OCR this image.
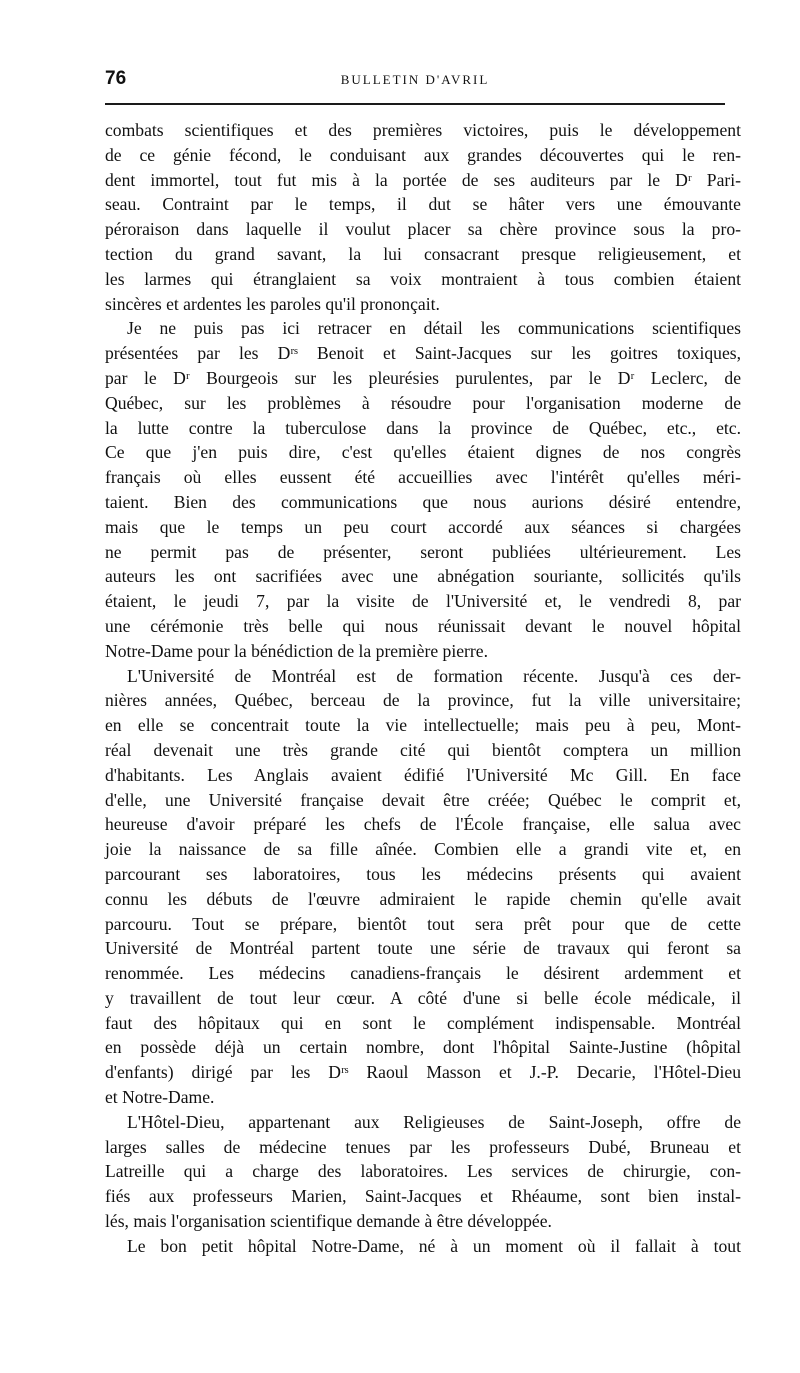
76	BULLETIN D'AVRIL
combats scientifiques et des premières victoires, puis le développement
de ce génie fécond, le conduisant aux grandes découvertes qui le ren-
dent immortel, tout fut mis à la portée de ses auditeurs par le Dʳ Pari-
seau. Contraint par le temps, il dut se hâter vers une émouvante
péroraison dans laquelle il voulut placer sa chère province sous la pro-
tection du grand savant, la lui consacrant presque religieusement, et
les larmes qui étranglaient sa voix montraient à tous combien étaient
sincères et ardentes les paroles qu'il prononçait.
Je ne puis pas ici retracer en détail les communications scientifiques
présentées par les Dʳˢ Benoit et Saint-Jacques sur les goitres toxiques,
par le Dʳ Bourgeois sur les pleurésies purulentes, par le Dʳ Leclerc, de
Québec, sur les problèmes à résoudre pour l'organisation moderne de
la lutte contre la tuberculose dans la province de Québec, etc., etc.
Ce que j'en puis dire, c'est qu'elles étaient dignes de nos congrès
français où elles eussent été accueillies avec l'intérêt qu'elles méri-
taient. Bien des communications que nous aurions désiré entendre,
mais que le temps un peu court accordé aux séances si chargées
ne permit pas de présenter, seront publiées ultérieurement. Les
auteurs les ont sacrifiées avec une abnégation souriante, sollicités qu'ils
étaient, le jeudi 7, par la visite de l'Université et, le vendredi 8, par
une cérémonie très belle qui nous réunissait devant le nouvel hôpital
Notre-Dame pour la bénédiction de la première pierre.
L'Université de Montréal est de formation récente. Jusqu'à ces der-
nières années, Québec, berceau de la province, fut la ville universitaire;
en elle se concentrait toute la vie intellectuelle; mais peu à peu, Mont-
réal devenait une très grande cité qui bientôt comptera un million
d'habitants. Les Anglais avaient édifié l'Université Mc Gill. En face
d'elle, une Université française devait être créée; Québec le comprit et,
heureuse d'avoir préparé les chefs de l'École française, elle salua avec
joie la naissance de sa fille aînée. Combien elle a grandi vite et, en
parcourant ses laboratoires, tous les médecins présents qui avaient
connu les débuts de l'œuvre admiraient le rapide chemin qu'elle avait
parcouru. Tout se prépare, bientôt tout sera prêt pour que de cette
Université de Montréal partent toute une série de travaux qui feront sa
renommée. Les médecins canadiens-français le désirent ardemment et
y travaillent de tout leur cœur. A côté d'une si belle école médicale, il
faut des hôpitaux qui en sont le complément indispensable. Montréal
en possède déjà un certain nombre, dont l'hôpital Sainte-Justine (hôpital
d'enfants) dirigé par les Dʳˢ Raoul Masson et J.-P. Decarie, l'Hôtel-Dieu
et Notre-Dame.
L'Hôtel-Dieu, appartenant aux Religieuses de Saint-Joseph, offre de
larges salles de médecine tenues par les professeurs Dubé, Bruneau et
Latreille qui a charge des laboratoires. Les services de chirurgie, con-
fiés aux professeurs Marien, Saint-Jacques et Rhéaume, sont bien instal-
lés, mais l'organisation scientifique demande à être développée.
Le bon petit hôpital Notre-Dame, né à un moment où il fallait à tout
